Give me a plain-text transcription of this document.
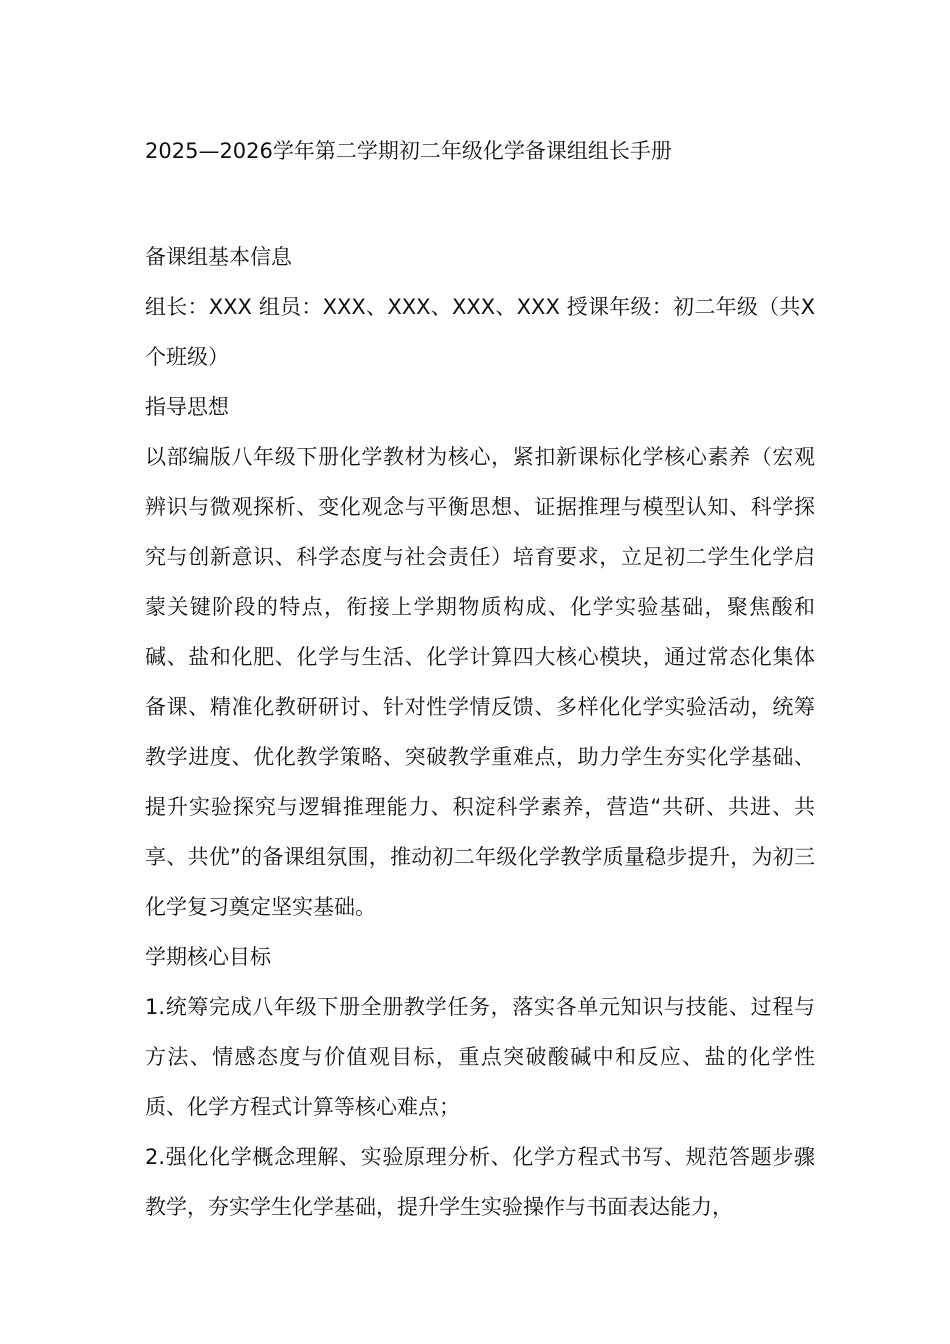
2025—2026学年第二学期初二年级化学备课组组长手册

备课组基本信息

组长：XXX 组员：XXX、XXX、XXX、XXX 授课年级：初二年级（共X个班级）

指导思想

以部编版八年级下册化学教材为核心，紧扣新课标化学核心素养（宏观辨识与微观探析、变化观念与平衡思想、证据推理与模型认知、科学探究与创新意识、科学态度与社会责任）培育要求，立足初二学生化学启蒙关键阶段的特点，衔接上学期物质构成、化学实验基础，聚焦酸和碱、盐和化肥、化学与生活、化学计算四大核心模块，通过常态化集体备课、精准化教研研讨、针对性学情反馈、多样化化学实验活动，统筹教学进度、优化教学策略、突破教学重难点，助力学生夯实化学基础、提升实验探究与逻辑推理能力、积淀科学素养，营造“共研、共进、共享、共优”的备课组氛围，推动初二年级化学教学质量稳步提升，为初三化学复习奠定坚实基础。

学期核心目标

1.统筹完成八年级下册全册教学任务，落实各单元知识与技能、过程与方法、情感态度与价值观目标，重点突破酸碱中和反应、盐的化学性质、化学方程式计算等核心难点；

2.强化化学概念理解、实验原理分析、化学方程式书写、规范答题步骤教学，夯实学生化学基础，提升学生实验操作与书面表达能力，
